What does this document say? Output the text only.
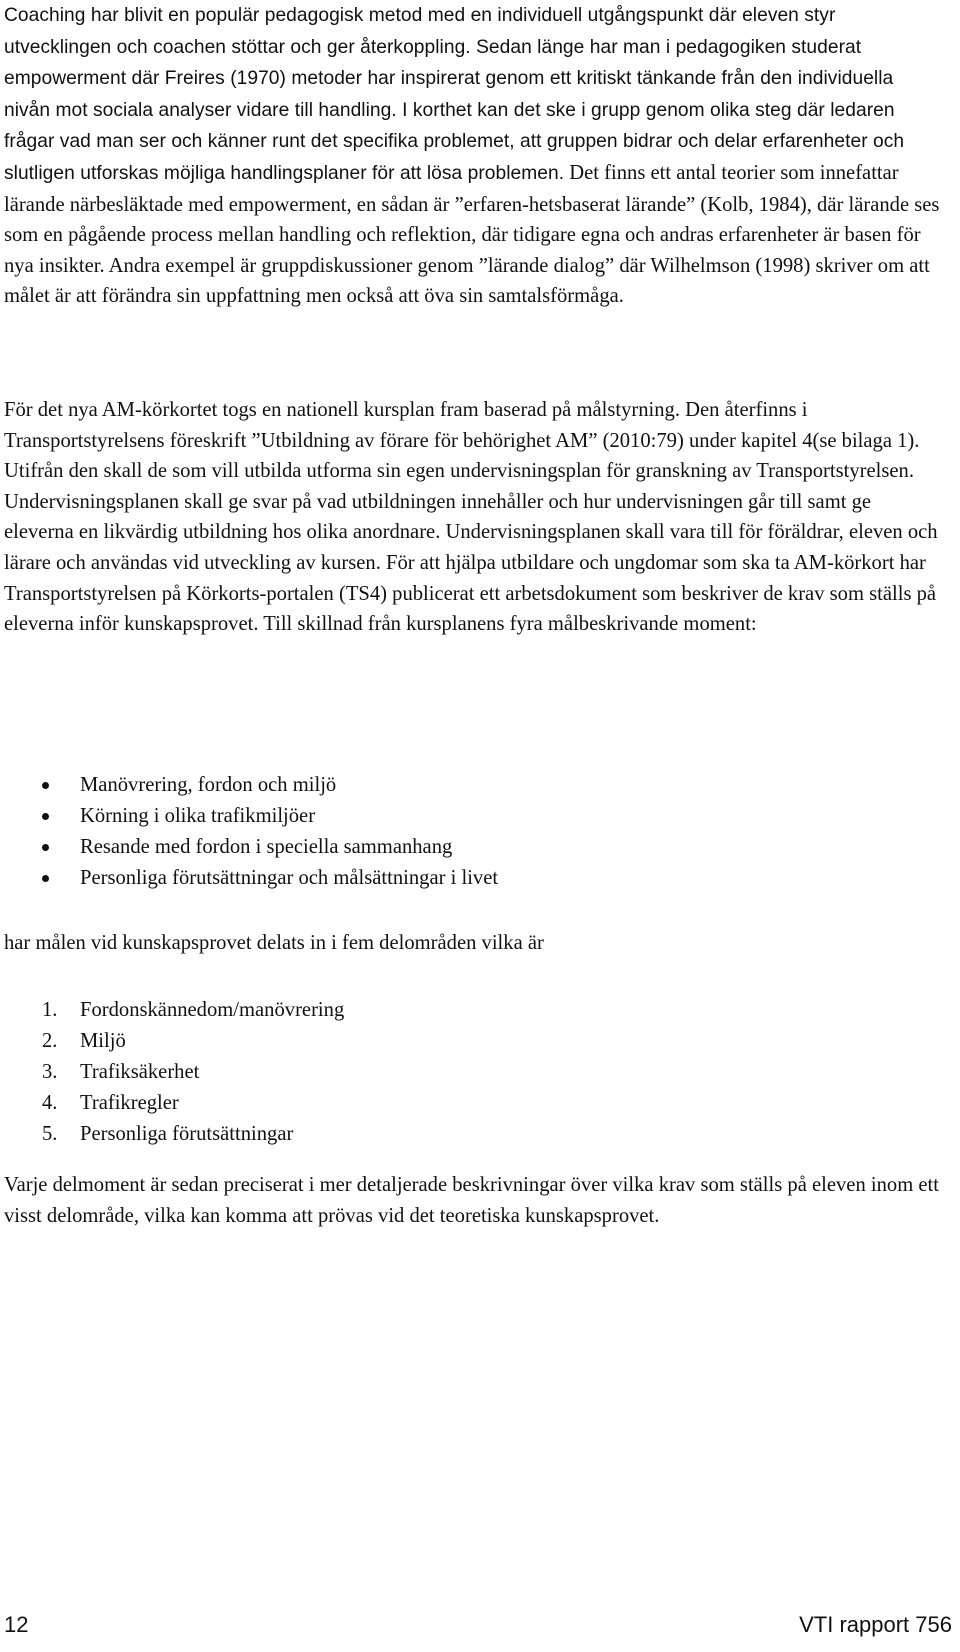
Coaching har blivit en populär pedagogisk metod med en individuell utgångspunkt där eleven styr utvecklingen och coachen stöttar och ger återkoppling. Sedan länge har man i pedagogiken studerat empowerment där Freires (1970) metoder har inspirerat genom ett kritiskt tänkande från den individuella nivån mot sociala analyser vidare till handling. I korthet kan det ske i grupp genom olika steg där ledaren frågar vad man ser och känner runt det specifika problemet, att gruppen bidrar och delar erfarenheter och slutligen utforskas möjliga handlingsplaner för att lösa problemen. Det finns ett antal teorier som innefattar lärande närbesläktade med empowerment, en sådan är ”erfaren-hetsbaserat lärande” (Kolb, 1984), där lärande ses som en pågående process mellan handling och reflektion, där tidigare egna och andras erfarenheter är basen för nya insikter. Andra exempel är gruppdiskussioner genom ”lärande dialog” där Wilhelmson (1998) skriver om att målet är att förändra sin uppfattning men också att öva sin samtalsförmåga.

För det nya AM-körkortet togs en nationell kursplan fram baserad på målstyrning. Den återfinns i Transportstyrelsens föreskrift ”Utbildning av förare för behörighet AM” (2010:79) under kapitel 4(se bilaga 1). Utifrån den skall de som vill utbilda utforma sin egen undervisningsplan för granskning av Transportstyrelsen. Undervisningsplanen skall ge svar på vad utbildningen innehåller och hur undervisningen går till samt ge eleverna en likvärdig utbildning hos olika anordnare. Undervisningsplanen skall vara till för föräldrar, eleven och lärare och användas vid utveckling av kursen. För att hjälpa utbildare och ungdomar som ska ta AM-körkort har Transportstyrelsen på Körkorts-portalen (TS4) publicerat ett arbetsdokument som beskriver de krav som ställs på eleverna inför kunskapsprovet. Till skillnad från kursplanens fyra målbeskrivande moment:

Manövrering, fordon och miljö
Körning i olika trafikmiljöer
Resande med fordon i speciella sammanhang
Personliga förutsättningar och målsättningar i livet

har målen vid kunskapsprovet delats in i fem delområden vilka är

1. Fordonskännedom/manövrering
2. Miljö
3. Trafiksäkerhet
4. Trafikregler
5. Personliga förutsättningar

Varje delmoment är sedan preciserat i mer detaljerade beskrivningar över vilka krav som ställs på eleven inom ett visst delområde, vilka kan komma att prövas vid det teoretiska kunskapsprovet.

12	VTI rapport 756
